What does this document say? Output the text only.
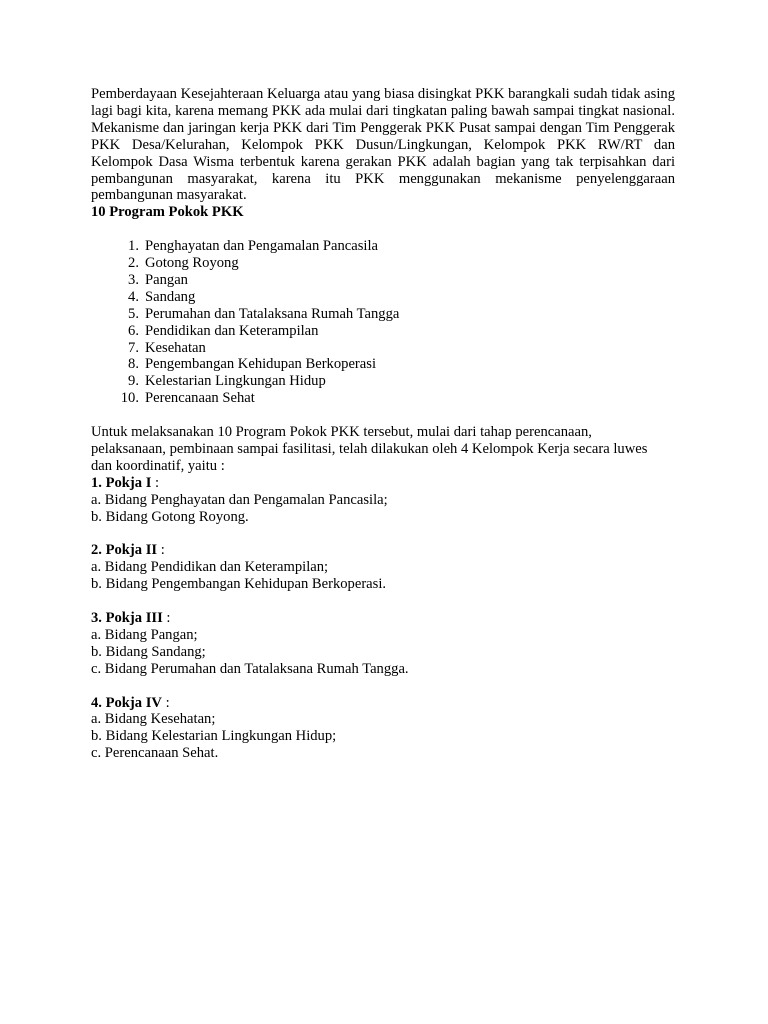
Pemberdayaan Kesejahteraan Keluarga atau yang biasa disingkat PKK barangkali sudah tidak asing lagi bagi kita, karena memang PKK ada mulai dari tingkatan paling bawah sampai tingkat nasional. Mekanisme dan jaringan kerja PKK dari Tim Penggerak PKK Pusat sampai dengan Tim Penggerak PKK Desa/Kelurahan, Kelompok PKK Dusun/Lingkungan, Kelompok PKK RW/RT dan Kelompok Dasa Wisma terbentuk karena gerakan PKK adalah bagian yang tak terpisahkan dari pembangunan masyarakat, karena itu PKK menggunakan mekanisme penyelenggaraan pembangunan masyarakat.

10 Program Pokok PKK

1. Penghayatan dan Pengamalan Pancasila
2. Gotong Royong
3. Pangan
4. Sandang
5. Perumahan dan Tatalaksana Rumah Tangga
6. Pendidikan dan Keterampilan
7. Kesehatan
8. Pengembangan Kehidupan Berkoperasi
9. Kelestarian Lingkungan Hidup
10. Perencanaan Sehat

Untuk melaksanakan 10 Program Pokok PKK tersebut, mulai dari tahap perencanaan, pelaksanaan, pembinaan sampai fasilitasi, telah dilakukan oleh 4 Kelompok Kerja secara luwes dan koordinatif, yaitu :

1. Pokja I :

a. Bidang Penghayatan dan Pengamalan Pancasila;

b. Bidang Gotong Royong.

2. Pokja II :

a. Bidang Pendidikan dan Keterampilan;

b. Bidang Pengembangan Kehidupan Berkoperasi.

3. Pokja III :

a. Bidang Pangan;

b. Bidang Sandang;

c. Bidang Perumahan dan Tatalaksana Rumah Tangga.

4. Pokja IV :

a. Bidang Kesehatan;

b. Bidang Kelestarian Lingkungan Hidup;

c. Perencanaan Sehat.
